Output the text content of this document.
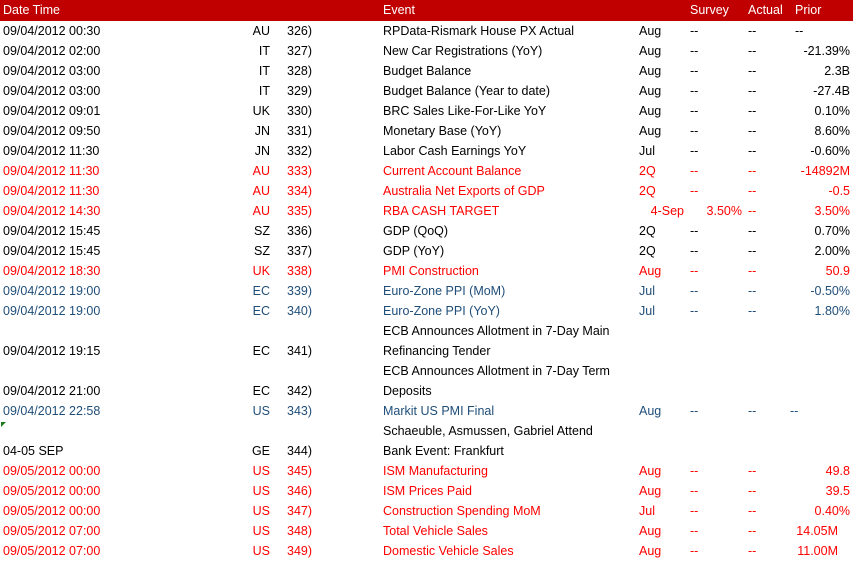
Date Time	Event	Survey Actual Prior
09/04/2012 00:30	AU 326)	RPData-Rismark House PX Actual	Aug --	--	--
09/04/2012 02:00	IT 327)	New Car Registrations (YoY)	Aug --	--	-21.39%
09/04/2012 03:00	IT 328)	Budget Balance	Aug --	--	2.3B
09/04/2012 03:00	IT 329)	Budget Balance (Year to date)	Aug --	--	-27.4B
09/04/2012 09:01	UK 330)	BRC Sales Like-For-Like YoY	Aug --	--	0.10%
09/04/2012 09:50	JN 331)	Monetary Base (YoY)	Aug --	--	8.60%
09/04/2012 11:30	JN 332)	Labor Cash Earnings YoY	Jul	--	--	-0.60%
09/04/2012 11:30	AU 333)	Current Account Balance	2Q	--	--	-14892M
09/04/2012 11:30	AU 334)	Australia Net Exports of GDP	2Q	--	--	-0.5
09/04/2012 14:30	AU 335)	RBA CASH TARGET	4-Sep	3.50% --	3.50%
09/04/2012 15:45	SZ 336)	GDP (QoQ)	2Q	--	--	0.70%
09/04/2012 15:45	SZ 337)	GDP (YoY)	2Q	--	--	2.00%
09/04/2012 18:30	UK 338)	PMI Construction	Aug --	--	50.9
09/04/2012 19:00	EC 339)	Euro-Zone PPI (MoM)	Jul	--	--	-0.50%
09/04/2012 19:00	EC 340)	Euro-Zone PPI (YoY)	Jul	--	--	1.80%
ECB Announces Allotment in 7-Day Main
09/04/2012 19:15	EC 341)	Refinancing Tender
ECB Announces Allotment in 7-Day Term
09/04/2012 21:00	EC 342)	Deposits
09/04/2012 22:58	US 343)	Markit US PMI Final	Aug --	--	--
Schaeuble, Asmussen, Gabriel Attend
04-05 SEP	GE 344)	Bank Event: Frankfurt
09/05/2012 00:00	US 345)	ISM Manufacturing	Aug --	--	49.8
09/05/2012 00:00	US 346)	ISM Prices Paid	Aug --	--	39.5
09/05/2012 00:00	US 347)	Construction Spending MoM	Jul	--	--	0.40%
09/05/2012 07:00	US 348)	Total Vehicle Sales	Aug --	--	14.05M
09/05/2012 07:00	US 349)	Domestic Vehicle Sales	Aug --	--	11.00M
